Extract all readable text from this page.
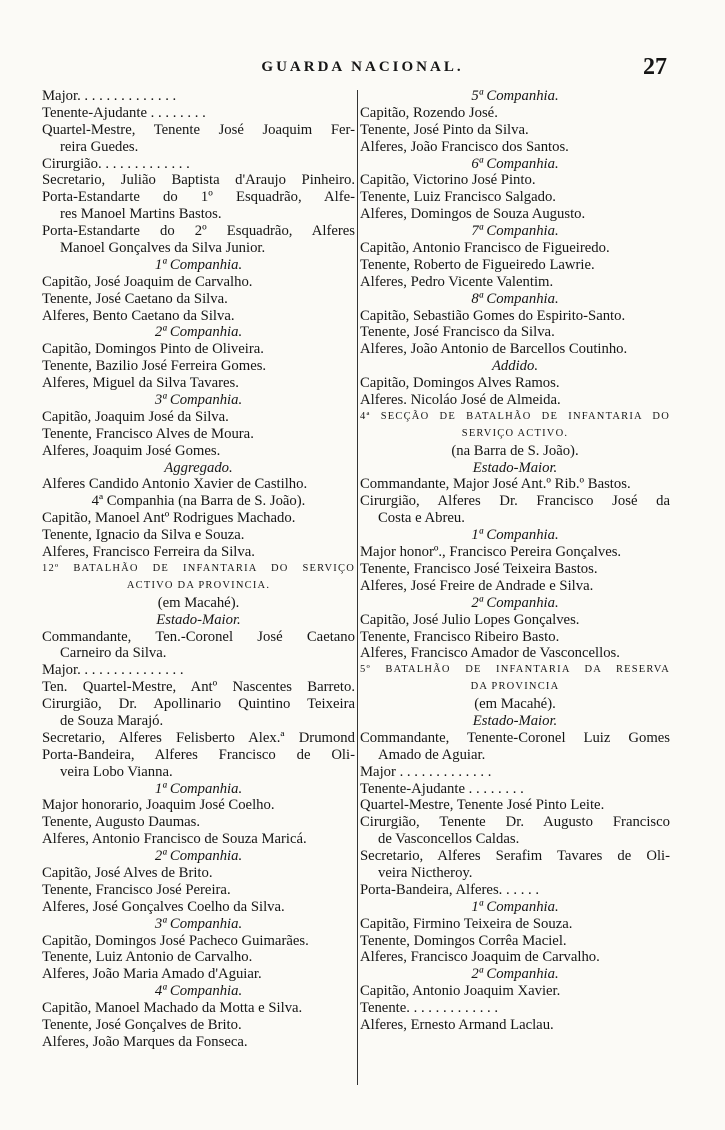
GUARDA NACIONAL.	27
Major. . . . . . . . . . . . . .
Tenente-Ajudante . . . . . . . .
Quartel-Mestre, Tenente José Joaquim Fer-
reira Guedes.
Cirurgião. . . . . . . . . . . . .
Secretario, Julião Baptista d'Araujo Pinheiro.
Porta-Estandarte do 1º Esquadrão, Alfe-
res Manoel Martins Bastos.
Porta-Estandarte do 2º Esquadrão, Alferes
Manoel Gonçalves da Silva Junior.
1ª Companhia.
Capitão, José Joaquim de Carvalho.
Tenente, José Caetano da Silva.
Alferes, Bento Caetano da Silva.
2ª Companhia.
Capitão, Domingos Pinto de Oliveira.
Tenente, Bazilio José Ferreira Gomes.
Alferes, Miguel da Silva Tavares.
3ª Companhia.
Capitão, Joaquim José da Silva.
Tenente, Francisco Alves de Moura.
Alferes, Joaquim José Gomes.
Aggregado.
Alferes Candido Antonio Xavier de Castilho.
4ª Companhia (na Barra de S. João).
Capitão, Manoel Antº Rodrigues Machado.
Tenente, Ignacio da Silva e Souza.
Alferes, Francisco Ferreira da Silva.
12º BATALHÃO DE INFANTARIA DO SERVIÇO
ACTIVO DA PROVINCIA.
(em Macahé).
Estado-Maior.
Commandante, Ten.-Coronel José Caetano
Carneiro da Silva.
Major. . . . . . . . . . . . . . .
Ten. Quartel-Mestre, Antº Nascentes Barreto.
Cirurgião, Dr. Apollinario Quintino Teixeira
de Souza Marajó.
Secretario, Alferes Felisberto Alex.ª Drumond
Porta-Bandeira, Alferes Francisco de Oli-
veira Lobo Vianna.
1ª Companhia.
Major honorario, Joaquim José Coelho.
Tenente, Augusto Daumas.
Alferes, Antonio Francisco de Souza Maricá.
2ª Companhia.
Capitão, José Alves de Brito.
Tenente, Francisco José Pereira.
Alferes, José Gonçalves Coelho da Silva.
3ª Companhia.
Capitão, Domingos José Pacheco Guimarães.
Tenente, Luiz Antonio de Carvalho.
Alferes, João Maria Amado d'Aguiar.
4ª Companhia.
Capitão, Manoel Machado da Motta e Silva.
Tenente, José Gonçalves de Brito.
Alferes, João Marques da Fonseca.
5ª Companhia.
Capitão, Rozendo José.
Tenente, José Pinto da Silva.
Alferes, João Francisco dos Santos.
6ª Companhia.
Capitão, Victorino José Pinto.
Tenente, Luiz Francisco Salgado.
Alferes, Domingos de Souza Augusto.
7ª Companhia.
Capitão, Antonio Francisco de Figueiredo.
Tenente, Roberto de Figueiredo Lawrie.
Alferes, Pedro Vicente Valentim.
8ª Companhia.
Capitão, Sebastião Gomes do Espirito-Santo.
Tenente, José Francisco da Silva.
Alferes, João Antonio de Barcellos Coutinho.
Addido.
Capitão, Domingos Alves Ramos.
Alferes. Nicoláo José de Almeida.
4ª SECÇÃO DE BATALHÃO DE INFANTARIA DO
SERVIÇO ACTIVO.
(na Barra de S. João).
Estado-Maior.
Commandante, Major José Ant.º Rib.º Bastos.
Cirurgião, Alferes Dr. Francisco José da
Costa e Abreu.
1ª Companhia.
Major honorº., Francisco Pereira Gonçalves.
Tenente, Francisco José Teixeira Bastos.
Alferes, José Freire de Andrade e Silva.
2ª Companhia.
Capitão, José Julio Lopes Gonçalves.
Tenente, Francisco Ribeiro Basto.
Alferes, Francisco Amador de Vasconcellos.
5º BATALHÃO DE INFANTARIA DA RESERVA
DA PROVINCIA
(em Macahé).
Estado-Maior.
Commandante, Tenente-Coronel Luiz Gomes
Amado de Aguiar.
Major . . . . . . . . . . . . .
Tenente-Ajudante . . . . . . . .
Quartel-Mestre, Tenente José Pinto Leite.
Cirurgião, Tenente Dr. Augusto Francisco
de Vasconcellos Caldas.
Secretario, Alferes Serafim Tavares de Oli-
veira Nictheroy.
Porta-Bandeira, Alferes. . . . . .
1ª Companhia.
Capitão, Firmino Teixeira de Souza.
Tenente, Domingos Corrêa Maciel.
Alferes, Francisco Joaquim de Carvalho.
2ª Companhia.
Capitão, Antonio Joaquim Xavier.
Tenente. . . . . . . . . . . . .
Alferes, Ernesto Armand Laclau.
